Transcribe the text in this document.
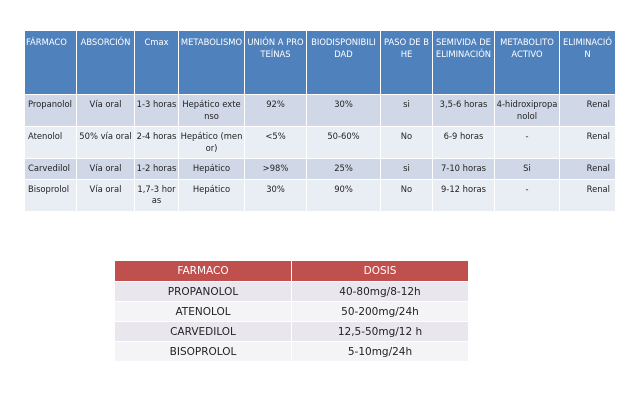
FÁRMACO	ABSORCIÓN	Cmax	METABOLISMO	UNIÓN A PROTEÍNAS	BIODISPONIBILIDAD	PASO DE BHE	SEMIVIDA DE ELIMINACIÓN	METABOLITO ACTIVO	ELIMINACIÓN
Propanolol	Vía oral	1-3 horas	Hepático extenso	92%	30%	si	3,5-6 horas	4-hidroxipropanolol	Renal
Atenolol	50% vía oral	2-4 horas	Hepático (menor)	<5%	50-60%	No	6-9 horas	-	Renal
Carvedilol	Vía oral	1-2 horas	Hepático	>98%	25%	si	7-10 horas	Si	Renal
Bisoprolol	Vía oral	1,7-3 horas	Hepático	30%	90%	No	9-12 horas	-	Renal
FARMACO	DOSIS
PROPANOLOL	40-80mg/8-12h
ATENOLOL	50-200mg/24h
CARVEDILOL	12,5-50mg/12 h
BISOPROLOL	5-10mg/24h
